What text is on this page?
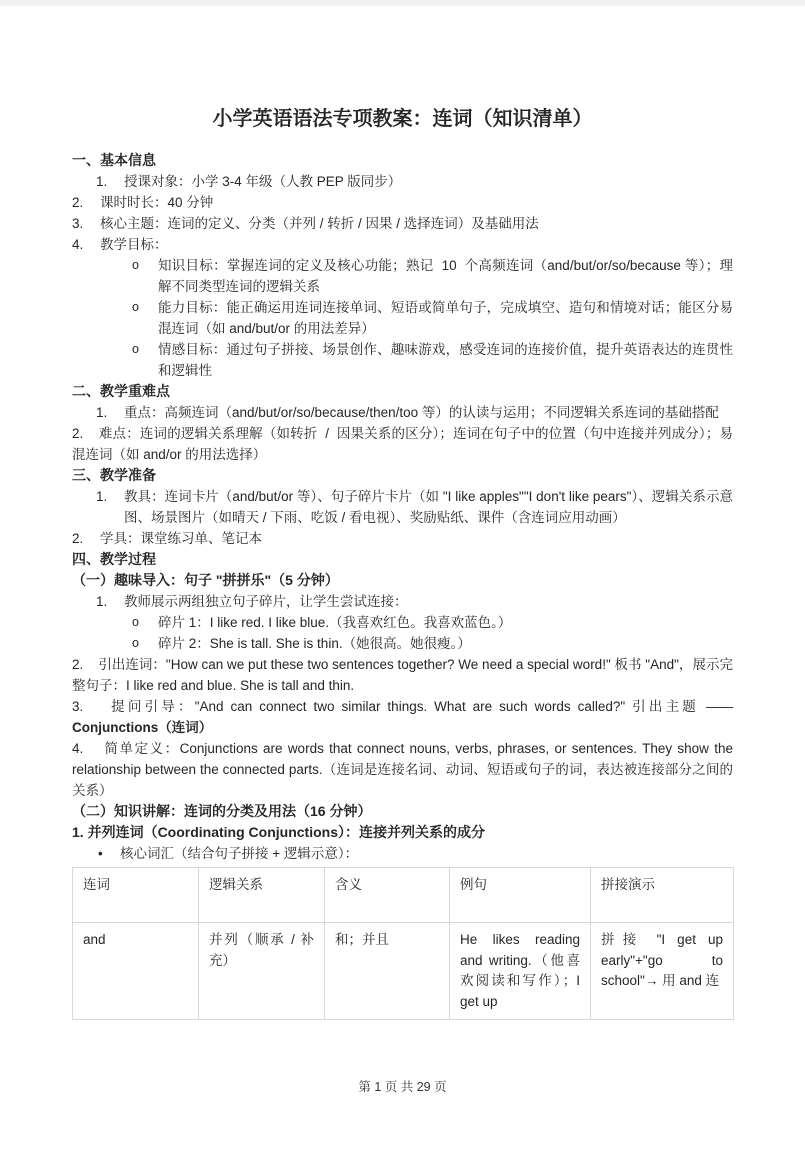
小学英语语法专项教案：连词（知识清单）

一、基本信息

1.	授课对象：小学 3-4 年级（人教 PEP 版同步）

2.	课时时长：40 分钟

3.	核心主题：连词的定义、分类（并列 / 转折 / 因果 / 选择连词）及基础用法

4.	教学目标：

o	知识目标：掌握连词的定义及核心功能；熟记  10  个高频连词（and/but/or/so/because 等）；理解不同类型连词的逻辑关系

o	能力目标：能正确运用连词连接单词、短语或简单句子，完成填空、造句和情境对话；能区分易混连词（如 and/but/or 的用法差异）

o	情感目标：通过句子拼接、场景创作、趣味游戏，感受连词的连接价值，提升英语表达的连贯性和逻辑性

二、教学重难点

1.	重点：高频连词（and/but/or/so/because/then/too 等）的认读与运用；不同逻辑关系连词的基础搭配

2.    难点：连词的逻辑关系理解（如转折  /  因果关系的区分）；连词在句子中的位置（句中连接并列成分）；易混连词（如 and/or 的用法选择）

三、教学准备

1.	教具：连词卡片（and/but/or 等）、句子碎片卡片（如 "I like apples""I don't like pears"）、逻辑关系示意图、场景图片（如晴天 / 下雨、吃饭 / 看电视）、奖励贴纸、课件（含连词应用动画）

2.	学具：课堂练习单、笔记本

四、教学过程

（一）趣味导入：句子 "拼拼乐"（5 分钟）

1.	教师展示两组独立句子碎片，让学生尝试连接：

o	碎片 1：I like red. I like blue.（我喜欢红色。我喜欢蓝色。）

o	碎片 2：She is tall. She is thin.（她很高。她很瘦。）

2.    引出连词："How can we put these two sentences together? We need a special word!" 板书 "And"，展示完整句子：I like red and blue. She is tall and thin.

3.    提问引导："And can connect two similar things. What are such words called?" 引出主题 ——Conjunctions（连词）

4.    简单定义：Conjunctions are words that connect nouns, verbs, phrases, or sentences. They show the relationship between the connected parts.（连词是连接名词、动词、短语或句子的词，表达被连接部分之间的关系）

（二）知识讲解：连词的分类及用法（16 分钟）

1. 并列连词（Coordinating Conjunctions）：连接并列关系的成分

•	核心词汇（结合句子拼接 + 逻辑示意）：

连词	逻辑关系	含义	例句	拼接演示
and	并列（顺承 / 补充）	和；并且	He likes reading and writing.（他喜欢阅读和写作）；I get up	拼接 "I get up early"+"go to school"→ 用 and 连
第 1 页 共 29 页
